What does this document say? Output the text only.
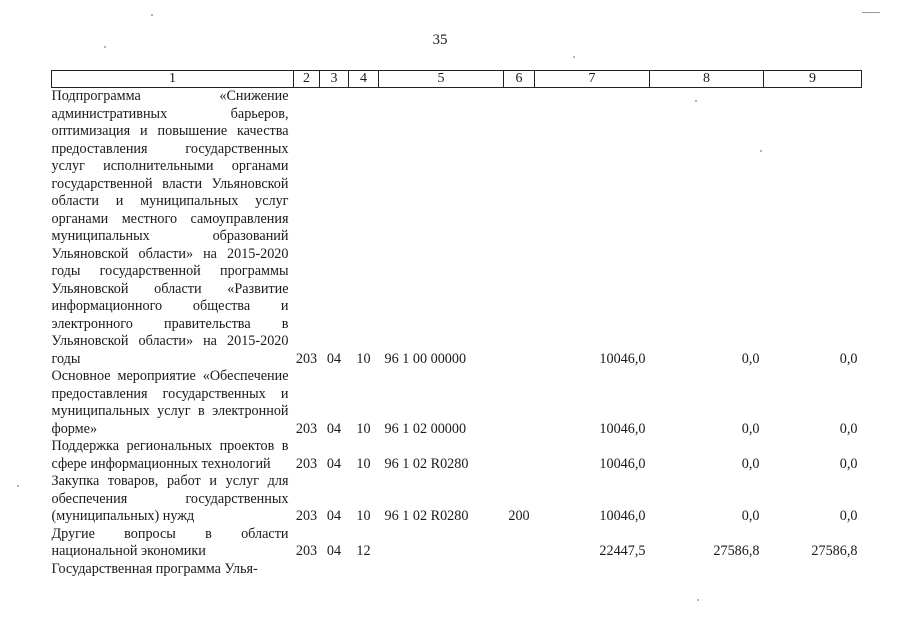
35
1	2	3	4	5	6	7	8	9
Подпрограмма «Снижение административных барьеров, оптимизация и повышение качества предоставления государственных услуг исполнительными органами государственной власти Ульяновской области и муниципальных услуг органами местного самоуправления муниципальных образований Ульяновской области» на 2015-2020 годы государственной программы Ульяновской области «Развитие информационного общества и электронного правительства в Ульяновской области» на 2015-2020 годы	203	04	10	96 1 00 00000		10046,0	0,0	0,0
Основное мероприятие «Обеспечение предоставления государственных и муниципальных услуг в электронной форме»	203	04	10	96 1 02 00000		10046,0	0,0	0,0
Поддержка региональных проектов в сфере информационных технологий	203	04	10	96 1 02 R0280		10046,0	0,0	0,0
Закупка товаров, работ и услуг для обеспечения государственных (муниципальных) нужд	203	04	10	96 1 02 R0280	200	10046,0	0,0	0,0
Другие вопросы в области национальной экономики	203	04	12			22447,5	27586,8	27586,8
Государственная программа Улья-								
